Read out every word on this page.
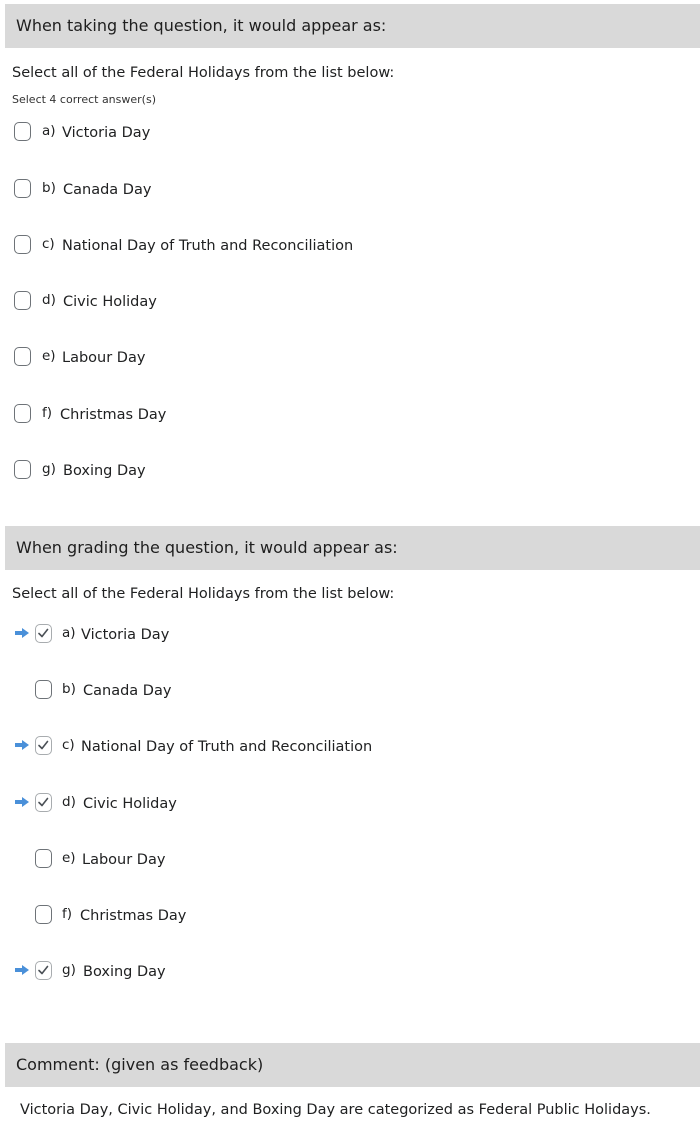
When taking the question, it would appear as:
Select all of the Federal Holidays from the list below:
Select 4 correct answer(s)
a) Victoria Day
b) Canada Day
c) National Day of Truth and Reconciliation
d) Civic Holiday
e) Labour Day
f) Christmas Day
g) Boxing Day
When grading the question, it would appear as:
Select all of the Federal Holidays from the list below:
a) Victoria Day
b) Canada Day
c) National Day of Truth and Reconciliation
d) Civic Holiday
e) Labour Day
f) Christmas Day
g) Boxing Day
Comment: (given as feedback)
Victoria Day, Civic Holiday, and Boxing Day are categorized as Federal Public Holidays.
